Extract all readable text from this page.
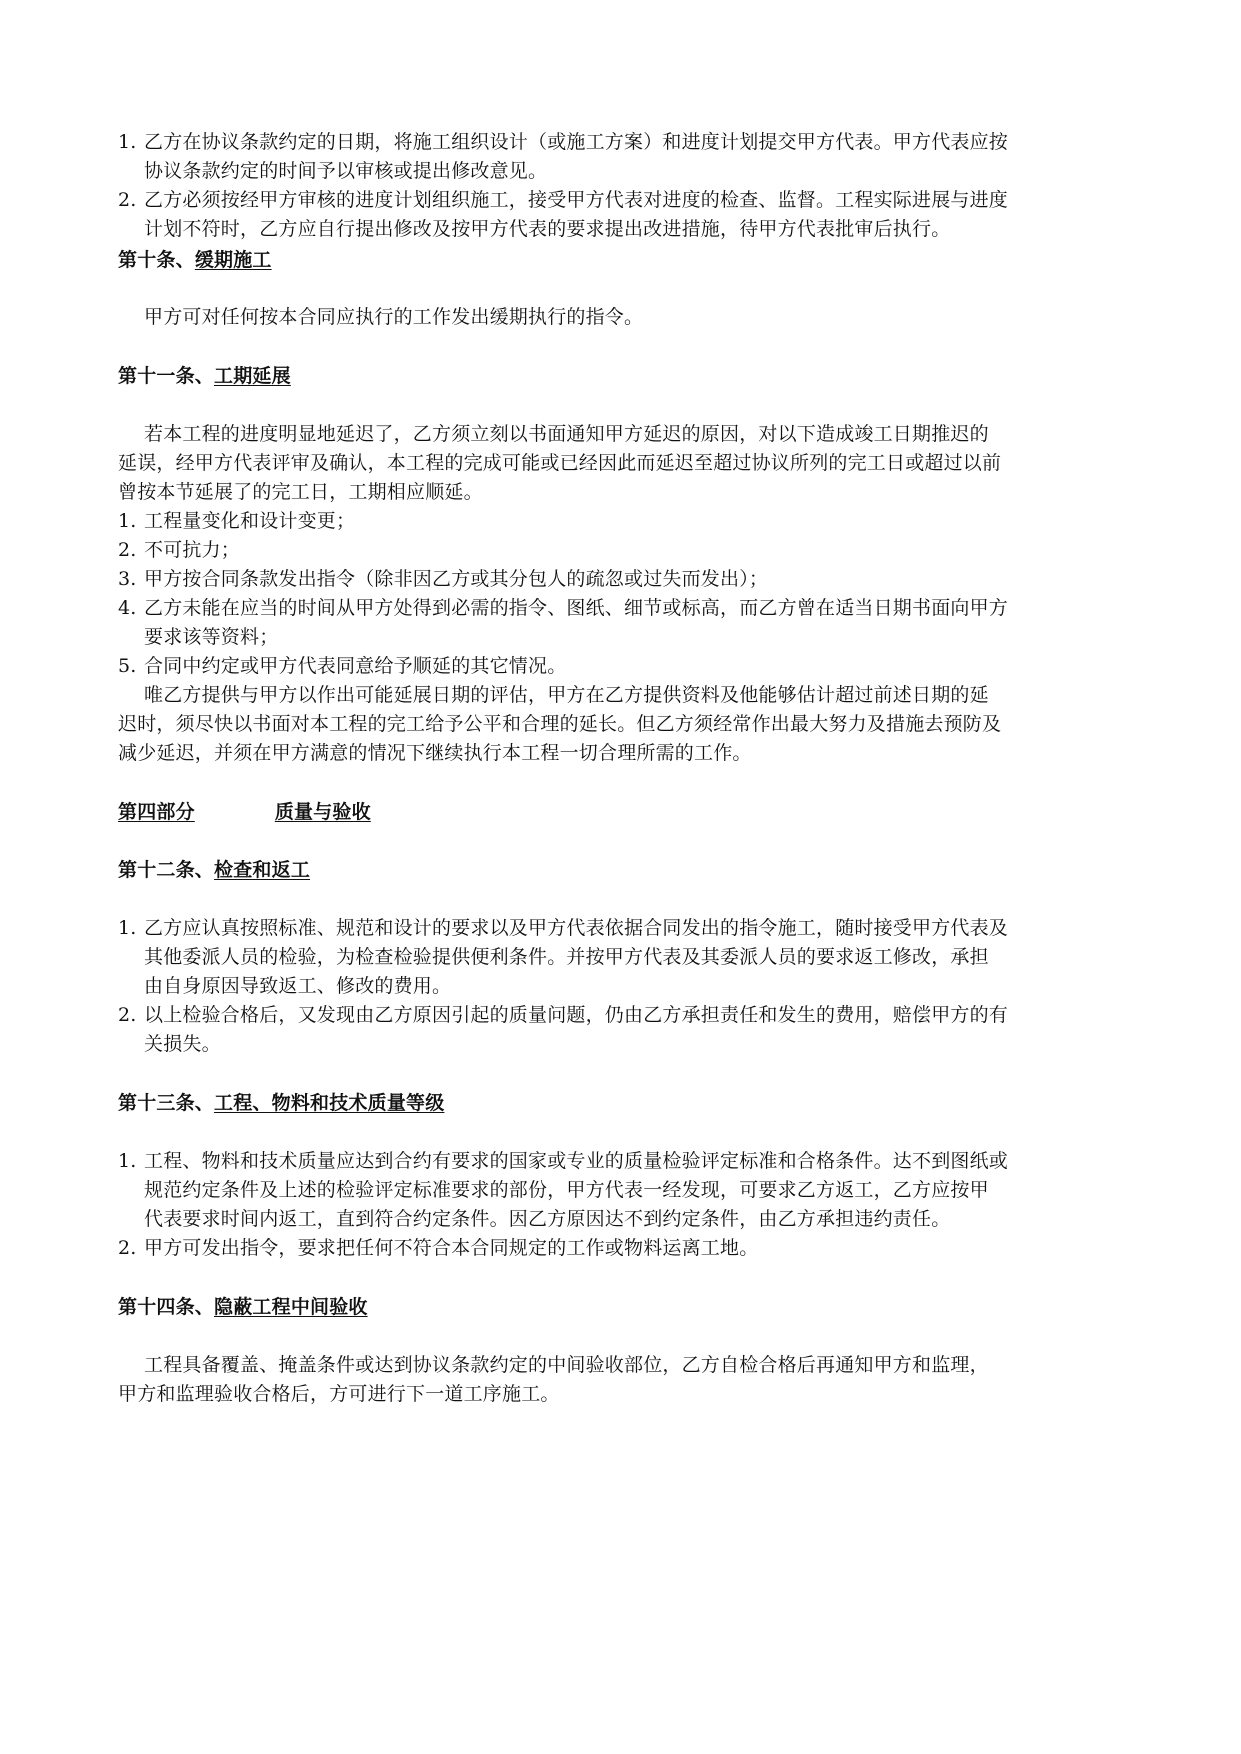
1. 乙方在协议条款约定的日期，将施工组织设计（或施工方案）和进度计划提交甲方代表。甲方代表应按
协议条款约定的时间予以审核或提出修改意见。
2. 乙方必须按经甲方审核的进度计划组织施工，接受甲方代表对进度的检查、监督。工程实际进展与进度
计划不符时，乙方应自行提出修改及按甲方代表的要求提出改进措施，待甲方代表批审后执行。
第十条、缓期施工
甲方可对任何按本合同应执行的工作发出缓期执行的指令。
第十一条、工期延展
若本工程的进度明显地延迟了，乙方须立刻以书面通知甲方延迟的原因，对以下造成竣工日期推迟的
延误，经甲方代表评审及确认，本工程的完成可能或已经因此而延迟至超过协议所列的完工日或超过以前
曾按本节延展了的完工日，工期相应顺延。
1. 工程量变化和设计变更；
2. 不可抗力；
3. 甲方按合同条款发出指令（除非因乙方或其分包人的疏忽或过失而发出）；
4. 乙方未能在应当的时间从甲方处得到必需的指令、图纸、细节或标高，而乙方曾在适当日期书面向甲方
要求该等资料；
5. 合同中约定或甲方代表同意给予顺延的其它情况。
唯乙方提供与甲方以作出可能延展日期的评估，甲方在乙方提供资料及他能够估计超过前述日期的延
迟时，须尽快以书面对本工程的完工给予公平和合理的延长。但乙方须经常作出最大努力及措施去预防及
减少延迟，并须在甲方满意的情况下继续执行本工程一切合理所需的工作。
第四部分	质量与验收
第十二条、检查和返工
1. 乙方应认真按照标准、规范和设计的要求以及甲方代表依据合同发出的指令施工，随时接受甲方代表及
其他委派人员的检验，为检查检验提供便利条件。并按甲方代表及其委派人员的要求返工修改，承担
由自身原因导致返工、修改的费用。
2. 以上检验合格后，又发现由乙方原因引起的质量问题，仍由乙方承担责任和发生的费用，赔偿甲方的有
关损失。
第十三条、工程、物料和技术质量等级
1. 工程、物料和技术质量应达到合约有要求的国家或专业的质量检验评定标准和合格条件。达不到图纸或
规范约定条件及上述的检验评定标准要求的部份，甲方代表一经发现，可要求乙方返工，乙方应按甲
代表要求时间内返工，直到符合约定条件。因乙方原因达不到约定条件，由乙方承担违约责任。
2. 甲方可发出指令，要求把任何不符合本合同规定的工作或物料运离工地。
第十四条、隐蔽工程中间验收
工程具备覆盖、掩盖条件或达到协议条款约定的中间验收部位，乙方自检合格后再通知甲方和监理，
甲方和监理验收合格后，方可进行下一道工序施工。
